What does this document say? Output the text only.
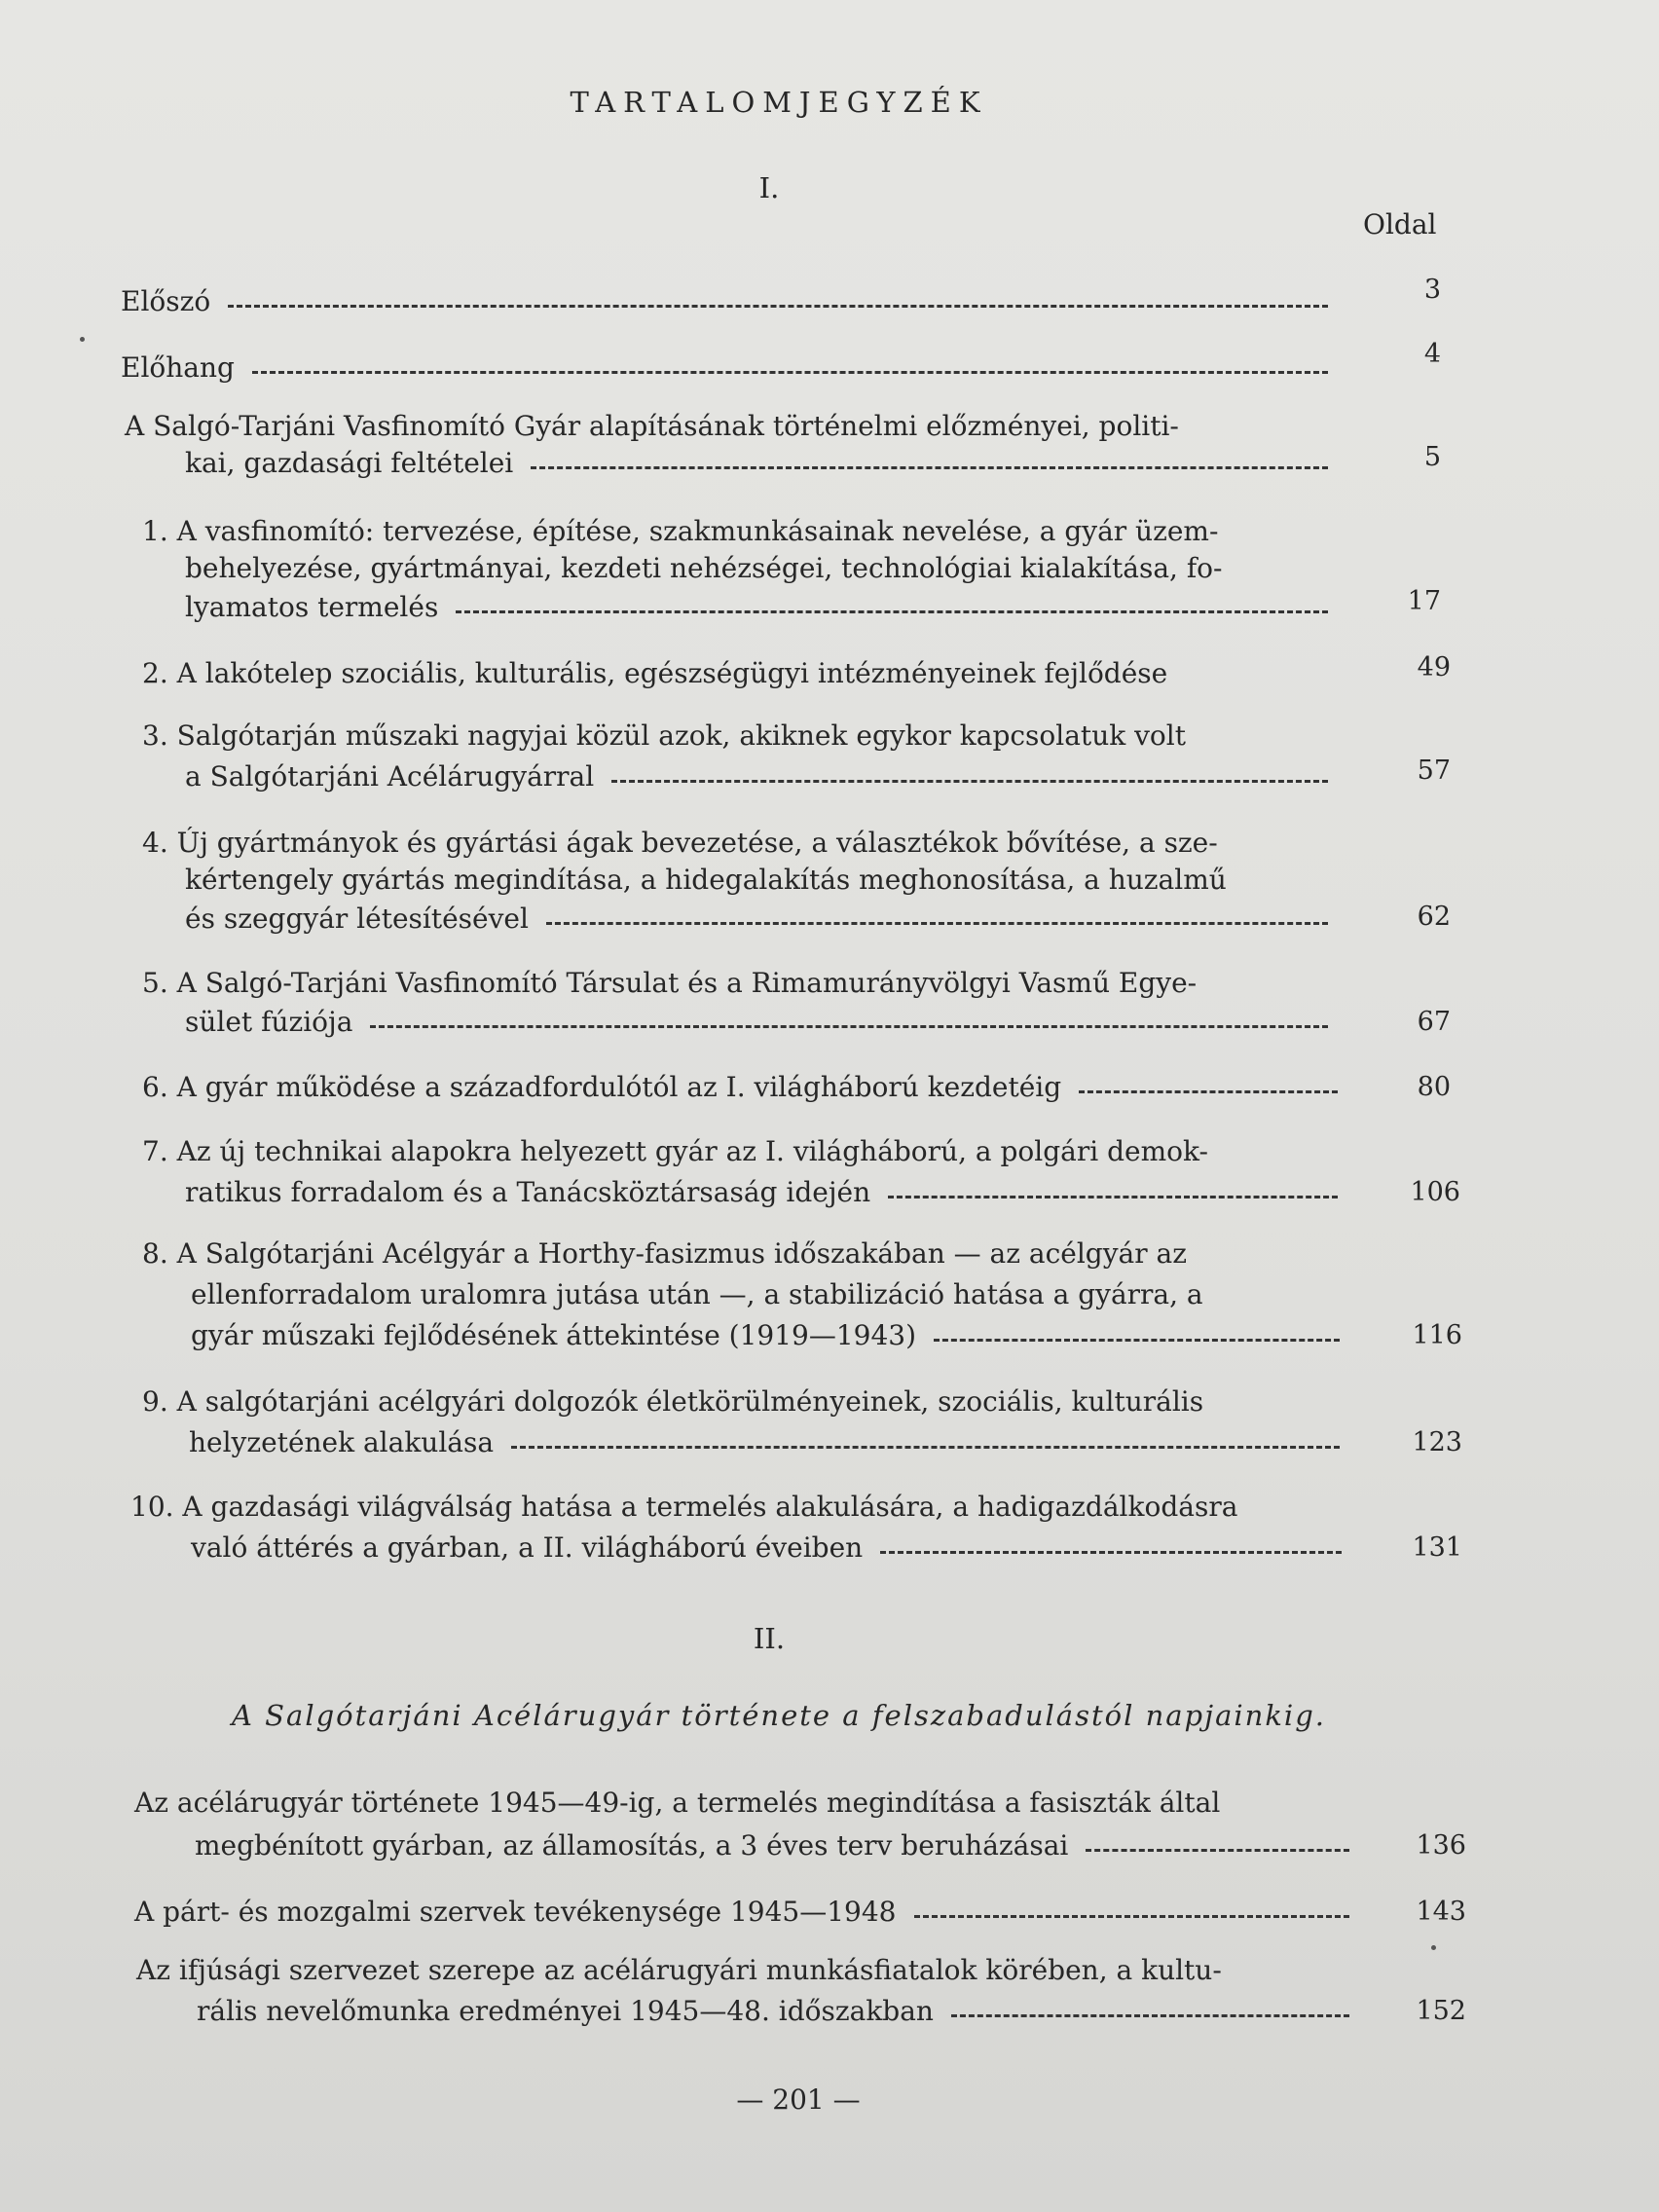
TARTALOMJEGYZÉK
I.
Oldal
Előszó	3
Előhang	4
A Salgó-Tarjáni Vasfinomító Gyár alapításának történelmi előzményei, politi-
kai, gazdasági feltételei	5
1. A vasfinomító: tervezése, építése, szakmunkásainak nevelése, a gyár üzem-
behelyezése, gyártmányai, kezdeti nehézségei, technológiai kialakítása, fo-
lyamatos termelés	17
2. A lakótelep szociális, kulturális, egészségügyi intézményeinek fejlődése	49
3. Salgótarján műszaki nagyjai közül azok, akiknek egykor kapcsolatuk volt
a Salgótarjáni Acélárugyárral	57
4. Új gyártmányok és gyártási ágak bevezetése, a választékok bővítése, a sze-
kértengely gyártás megindítása, a hidegalakítás meghonosítása, a huzalmű
és szeggyár létesítésével	62
5. A Salgó-Tarjáni Vasfinomító Társulat és a Rimamurányvölgyi Vasmű Egye-
sület fúziója	67
6. A gyár működése a századfordulótól az I. világháború kezdetéig	80
7. Az új technikai alapokra helyezett gyár az I. világháború, a polgári demok-
ratikus forradalom és a Tanácsköztársaság idején	106
8. A Salgótarjáni Acélgyár a Horthy-fasizmus időszakában — az acélgyár az
ellenforradalom uralomra jutása után —, a stabilizáció hatása a gyárra, a
gyár műszaki fejlődésének áttekintése (1919—1943)	116
9. A salgótarjáni acélgyári dolgozók életkörülményeinek, szociális, kulturális
helyzetének alakulása	123
10. A gazdasági világválság hatása a termelés alakulására, a hadigazdálkodásra
való áttérés a gyárban, a II. világháború éveiben	131
II.
A Salgótarjáni Acélárugyár története a felszabadulástól napjainkig.
Az acélárugyár története 1945—49-ig, a termelés megindítása a fasiszták által
megbénított gyárban, az államosítás, a 3 éves terv beruházásai	136
A párt- és mozgalmi szervek tevékenysége 1945—1948	143
Az ifjúsági szervezet szerepe az acélárugyári munkásfiatalok körében, a kultu-
rális nevelőmunka eredményei 1945—48. időszakban	152
— 201 —
